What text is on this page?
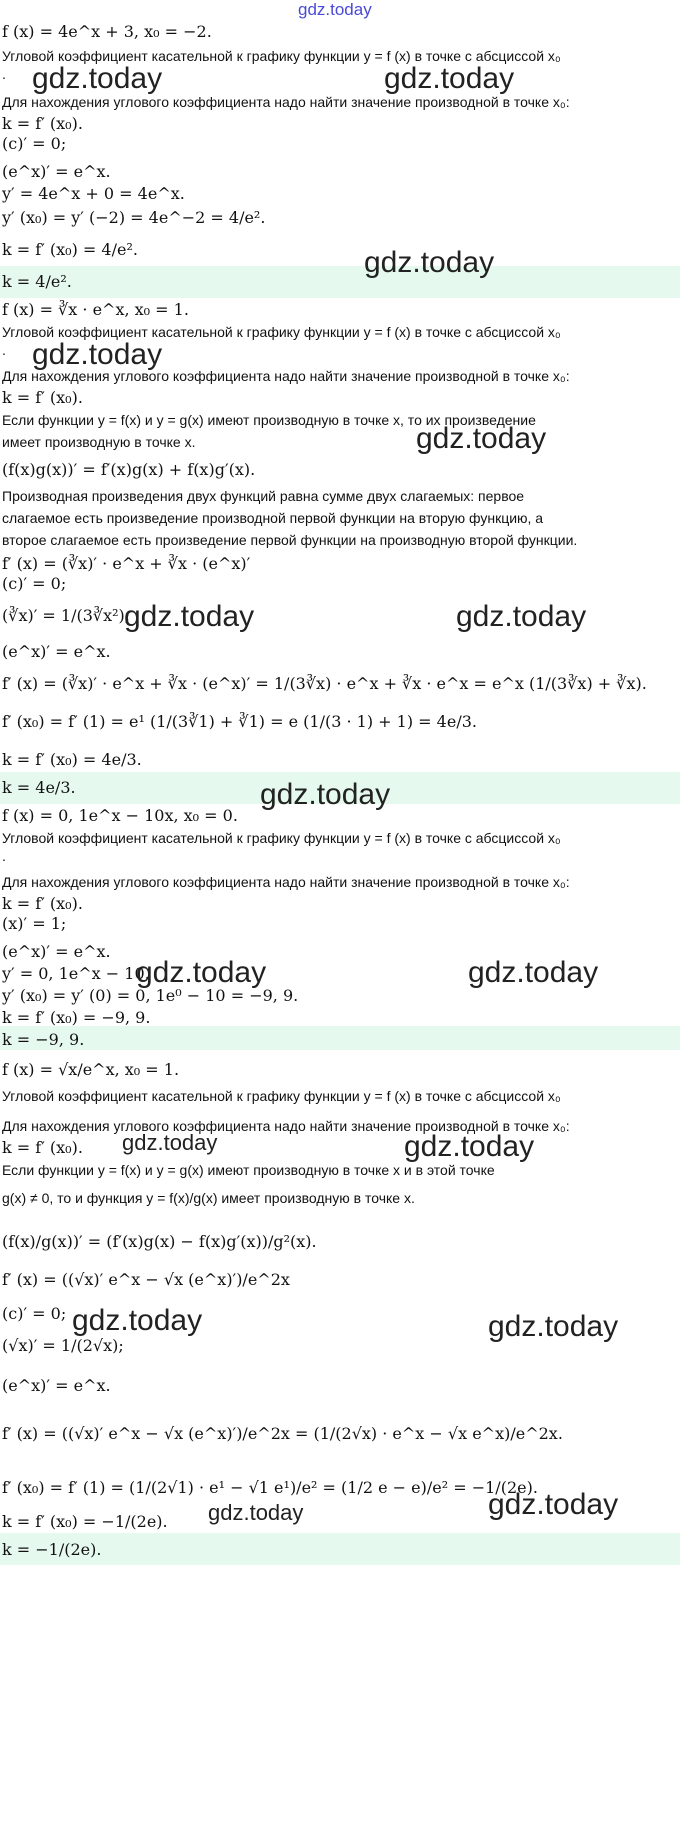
f (x) = 4e^x + 3, x₀ = −2.
Угловой коэффициент касательной к графику функции y = f (x) в точке с абсциссой x₀
.
Для нахождения углового коэффициента надо найти значение производной в точке x₀:
k = f′ (x₀).
(c)′ = 0;
(e^x)′ = e^x.
y′ = 4e^x + 0 = 4e^x.
y′ (x₀) = y′ (−2) = 4e^−2 = 4/e².
k = f′ (x₀) = 4/e².
k = 4/e².
f (x) = ∛x · e^x, x₀ = 1.
Угловой коэффициент касательной к графику функции y = f (x) в точке с абсциссой x₀
.
Для нахождения углового коэффициента надо найти значение производной в точке x₀:
k = f′ (x₀).
Если функции y = f(x) и y = g(x) имеют производную в точке x, то их произведение
имеет производную в точке x.
(f(x)g(x))′ = f′(x)g(x) + f(x)g′(x).
Производная произведения двух функций равна сумме двух слагаемых: первое
слагаемое есть произведение производной первой функции на вторую функцию, а
второе слагаемое есть произведение первой функции на производную второй функции.
f′ (x) = (∛x)′ · e^x + ∛x · (e^x)′
(c)′ = 0;
(∛x)′ = 1/(3∛x²);
(e^x)′ = e^x.
f′ (x) = (∛x)′ · e^x + ∛x · (e^x)′ = 1/(3∛x) · e^x + ∛x · e^x = e^x (1/(3∛x) + ∛x).
f′ (x₀) = f′ (1) = e¹ (1/(3∛1) + ∛1) = e (1/(3 · 1) + 1) = 4e/3.
k = f′ (x₀) = 4e/3.
k = 4e/3.
f (x) = 0, 1e^x − 10x, x₀ = 0.
Угловой коэффициент касательной к графику функции y = f (x) в точке с абсциссой x₀
.
Для нахождения углового коэффициента надо найти значение производной в точке x₀:
k = f′ (x₀).
(x)′ = 1;
(e^x)′ = e^x.
y′ = 0, 1e^x − 10.
y′ (x₀) = y′ (0) = 0, 1e⁰ − 10 = −9, 9.
k = f′ (x₀) = −9, 9.
k = −9, 9.
f (x) = √x/e^x, x₀ = 1.
Угловой коэффициент касательной к графику функции y = f (x) в точке с абсциссой x₀
Для нахождения углового коэффициента надо найти значение производной в точке x₀:
k = f′ (x₀).
Если функции y = f(x) и y = g(x) имеют производную в точке x и в этой точке
g(x) ≠ 0, то и функция y = f(x)/g(x) имеет производную в точке x.
(f(x)/g(x))′ = (f′(x)g(x) − f(x)g′(x))/g²(x).
f′ (x) = ((√x)′ e^x − √x (e^x)′)/e^2x
(c)′ = 0;
(√x)′ = 1/(2√x);
(e^x)′ = e^x.
f′ (x) = ((√x)′ e^x − √x (e^x)′)/e^2x = (1/(2√x) · e^x − √x e^x)/e^2x.
f′ (x₀) = f′ (1) = (1/(2√1) · e¹ − √1 e¹)/e² = (1/2 e − e)/e² = −1/(2e).
k = f′ (x₀) = −1/(2e).
k = −1/(2e).
gdz.today
gdz.today	gdz.today
gdz.today
gdz.today
gdz.today
gdz.today	gdz.today
gdz.today
gdz.today	gdz.today
gdz.today	gdz.today
gdz.today	gdz.today
gdz.today
gdz.today
